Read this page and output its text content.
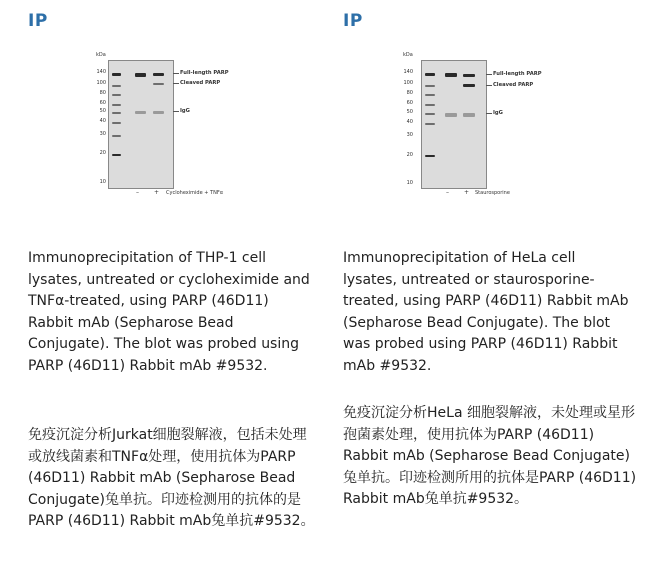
IP
kDa
140
100
80
60
50
40
30
20
10
Full-length PARP
Cleaved PARP
IgG
–	+ Cycloheximide + TNFα
Immunoprecipitation of THP-1 cell lysates, untreated or cycloheximide and TNFα-treated, using PARP (46D11) Rabbit mAb (Sepharose Bead Conjugate). The blot was probed using PARP (46D11) Rabbit mAb #9532.
免疫沉淀分析Jurkat细胞裂解液，包括未处理或放线菌素和TNFα处理，使用抗体为PARP (46D11) Rabbit mAb (Sepharose Bead Conjugate)兔单抗。印迹检测用的抗体的是PARP (46D11) Rabbit mAb兔单抗#9532。
IP
kDa
140
100
80
60
50
40
30
20
10
Full-length PARP
Cleaved PARP
IgG
–	+ Staurosporine
Immunoprecipitation of HeLa cell lysates, untreated or staurosporine-treated, using PARP (46D11) Rabbit mAb (Sepharose Bead Conjugate). The blot was probed using PARP (46D11) Rabbit mAb #9532.
免疫沉淀分析HeLa 细胞裂解液，未处理或星形孢菌素处理，使用抗体为PARP (46D11) Rabbit mAb (Sepharose Bead Conjugate)兔单抗。印迹检测所用的抗体是PARP (46D11) Rabbit mAb兔单抗#9532。
